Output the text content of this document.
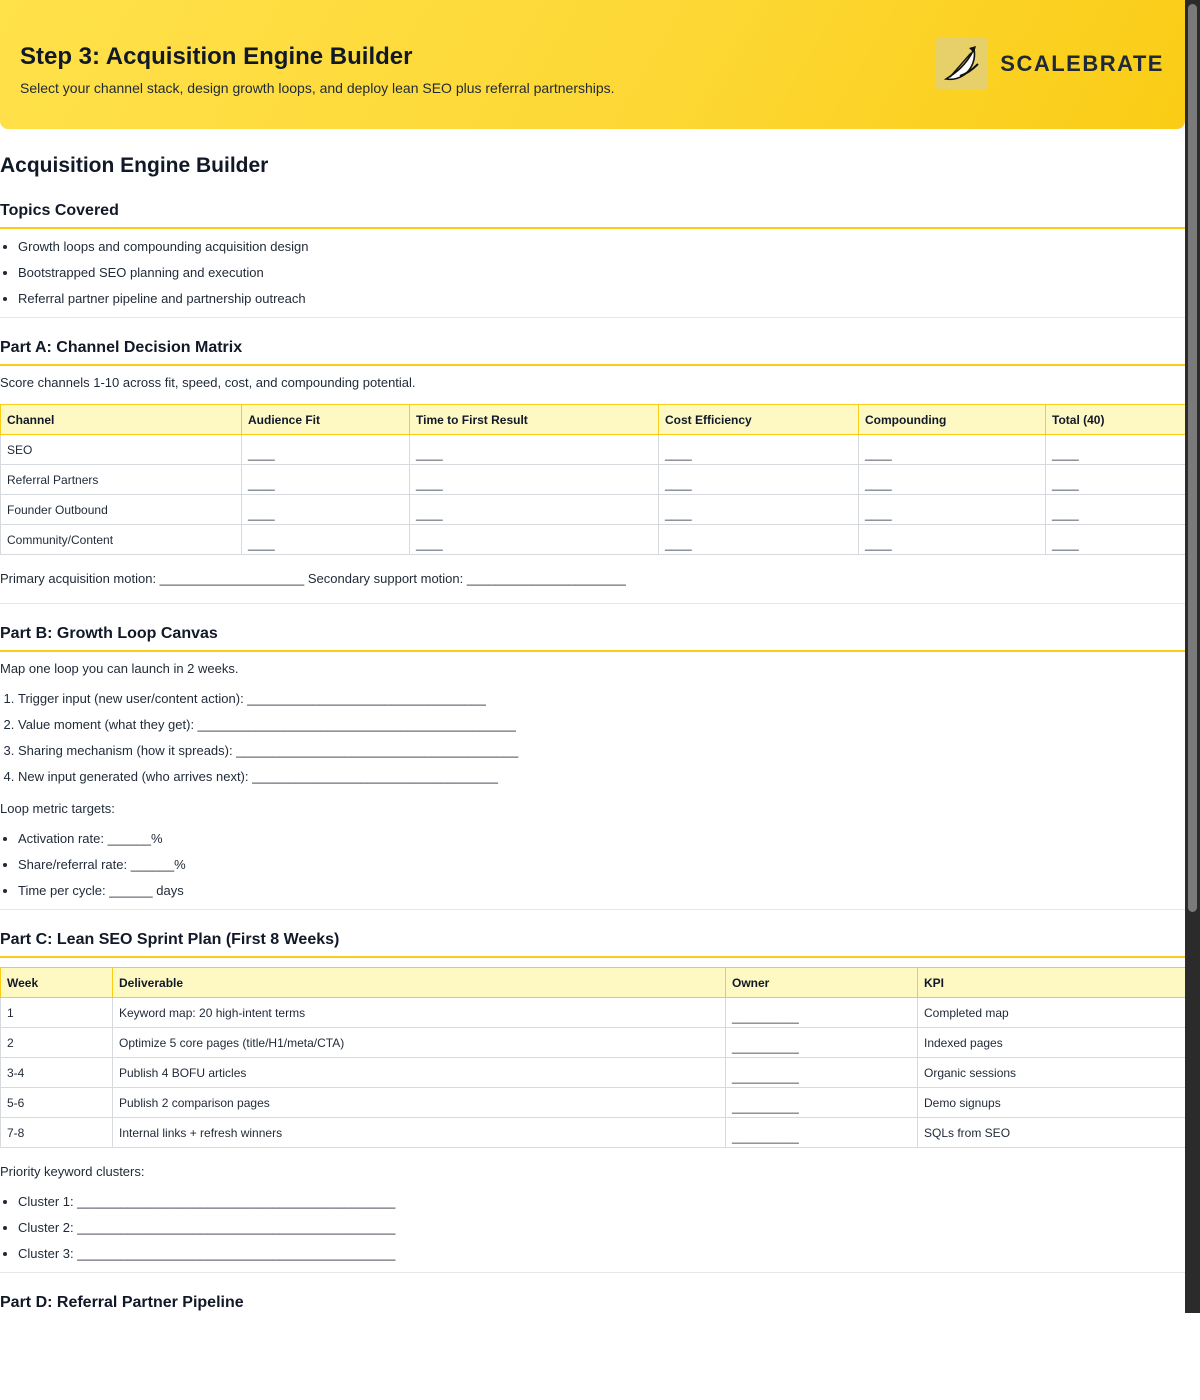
Step 3: Acquisition Engine Builder
Select your channel stack, design growth loops, and deploy lean SEO plus referral partnerships.
SCALEBRATE
Acquisition Engine Builder
Topics Covered
• Growth loops and compounding acquisition design
• Bootstrapped SEO planning and execution
• Referral partner pipeline and partnership outreach
Part A: Channel Decision Matrix

Score channels 1-10 across fit, speed, cost, and compounding potential.

Channel	Audience Fit	Time to First Result	Cost Efficiency	Compounding	Total (40)
SEO	____	____	____	____	____
Referral Partners	____	____	____	____	____
Founder Outbound	____	____	____	____	____
Community/Content	____	____	____	____	____

Primary acquisition motion: ____________________ Secondary support motion: ______________________

Part B: Growth Loop Canvas

Map one loop you can launch in 2 weeks.

1. Trigger input (new user/content action): _________________________________
2. Value moment (what they get): ____________________________________________
3. Sharing mechanism (how it spreads): _______________________________________
4. New input generated (who arrives next): __________________________________

Loop metric targets:

• Activation rate: ______%
• Share/referral rate: ______%
• Time per cycle: ______ days
Part C: Lean SEO Sprint Plan (First 8 Weeks)
Week	Deliverable	Owner	KPI
1	Keyword map: 20 high-intent terms	__________	Completed map
2	Optimize 5 core pages (title/H1/meta/CTA)	__________	Indexed pages
3-4	Publish 4 BOFU articles	__________	Organic sessions
5-6	Publish 2 comparison pages	__________	Demo signups
7-8	Internal links + refresh winners	__________	SQLs from SEO

Priority keyword clusters:

• Cluster 1: ____________________________________________
• Cluster 2: ____________________________________________
• Cluster 3: ____________________________________________
Part D: Referral Partner Pipeline
